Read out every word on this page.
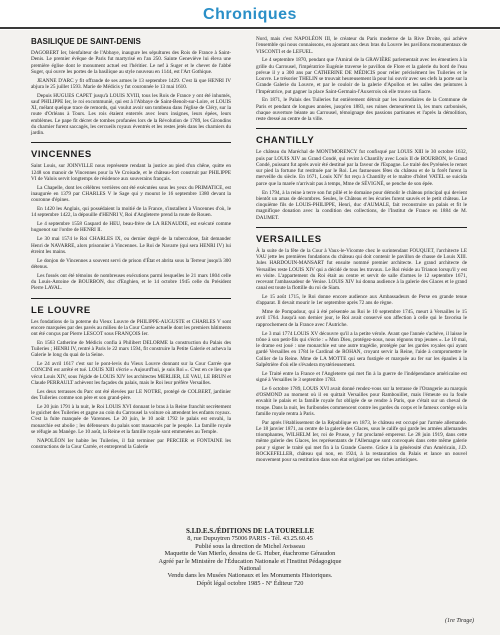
Chroniques
BASILIQUE DE SAINT-DENIS

DAGOBERT Ier, bienfaiteur de l'Abbaye, inaugure les sépultures des Rois de France à Saint-Denis. Le premier évêque de Paris fut martyrisé en l'an 250. Sainte Geneviève lui éleva une première église dont le monument actuel est l'héritier. Le nef à Suger et le chevet de l'abbé Suger, qui ouvre les portes de la basilique au style nouveau en 1144, est l'Art Gothique.

JEANNE D'ARC y fit offrande de ses armes le 13 septembre 1429. C'est là que HENRI IV abjura le 25 juillet 1593. Marie de Médicis y fut couronnée le 13 mai 1610.

Depuis HUGUES CAPET jusqu'à LOUIS XVIII, tous les Rois de France y ont été inhumés, sauf PHILIPPE Ier, le roi excommunié, qui est à l'Abbaye de Saint-Benoît-sur-Loire, et LOUIS XI, mélant quelque trace de remords, qui voulut avoir son tombeau dans l'église de Cléry, sur la route d'Orléans à Tours. Les rois étaient enterrés avec leurs insignes, leurs épées, leurs emblèmes. Le pape fit décret de tombes profanées lors de la Révolution de 1789, les Girondins du charnier furent saccagés, les cercueils royaux éventrés et les restes jetés dans les charniers du jardin.

VINCENNES

Saint Louis, sur JOINVILLE nous représente rendant la justice au pied d'un chêne, quitte en 1248 son manoir de Vincennes pour la Ve Croisade, et le château-fort construit par PHILIPPE VI de Valois servit longtemps de résidence aux souverains français.

La Chapelle, dont les célèbres verrières ont été exécutées sous les yeux du PRIMATICE, est inaugurée en 1379 par CHARLES V le Sage qui y mourut le 16 septembre 1380 devant la couronne d'épines.

En 1420 les Anglais, qui possédaient la moitié de la France, s'installent à Vincennes d'où, le 14 septembre 1422, la dépouille d'HENRI V, Roi d'Angleterre prend la route de Rouen.

Le 4 septembre 1558 Gaspard de HEU, beau-frère de LA RENAUDIE, est exécuté comme huguenot sur l'ordre de HENRI II.

Le 30 mai 1574 le Roi CHARLES IX, ou dernier degré de la tuberculose, fait demander Henri de NAVARRE, alors prisonnier à Vincennes. Le Roi de Navarre (qui sera HENRI IV) lui étreint les mains.

Le donjon de Vincennes a souvent servi de prison d'État et abrita sous la Terreur jusqu'à 300 détenus.

Les fossés ont été témoins de nombreuses exécutions parmi lesquelles le 21 mars 1804 celle du Louis-Antoine de BOURBON, duc d'Enghien, et le 14 octobre 1945 celle du Président Pierre LAVAL.

LE LOUVRE

Les fondations de la poterne du Vieux Louvre de PHILIPPE-AUGUSTE et CHARLES V sont encore marquées par des pavés au milieu de la Cour Carrée actuelle dont les premiers bâtiments ont été conçus par Pierre LESCOT sous FRANÇOIS Ier.

En 1563 Catherine de Médicis confia à Philibert DELORME la construction du Palais des Tuileries ; HENRI IV, rentré à Paris le 22 mars 1594, fit construire la Petite Galerie et acheva la Galerie le long du quai de la Seine.

Le 24 avril 1617 c'est sur le pont-levis du Vieux Louvre donnant sur la Cour Carrée que CONCINI est arrêté et tué. LOUIS XIII s'écrie « Aujourd'hui, je suis Roi ». C'est en ce lieu que vécut Louis XIV, sous l'égide de LOUIS XIV les architectes MERLIER, LE VAU, LE BRUN et Claude PERRAULT achèvent les façades du palais, mais le Roi leur préfère Versailles.

Les deux terrasses du Parc ont été élevées par LE NOTRE, protégé de COLBERT, jardinier des Tuileries comme son père et son grand-père.

Le 20 juin 1791 à la nuit, le Roi LOUIS XVI donnant le bras à la Reine franchit secrètement le guichet des Tuileries et gagne au coin du Carrousel la voiture où attendent les enfants royaux. C'est la fuite manquée de Varennes. Le 20 juin, le 10 août 1792 le palais est envahi, la monarchie est abolie ; les défenseurs du palais sont massacrés par le peuple. La famille royale se réfugie au Manège. Le 10 août, la Reine et la famille royale sont emmenées au Temple.

NAPOLÉON Ier habite les Tuileries, il fait terminer par PERCIER et FONTAINE les constructions de la Cour Carrée, et entreprend la Galerie

Nord, mais c'est NAPOLÉON III, le créateur du Paris moderne de la Rive Droite, qui achève l'ensemble qui nous connaissons, en ajoutant aux deux bras du Louvre les pavillons monumentaux de VISCONTI et de LEFUEL.

Le 4 septembre 1870, pendant que l'Amiral de la GRAVIÈRE parlementait avec les émeutiers à la grille du Carrousel, l'impératrice Eugénie traverse le pavillon de Flore et la galerie du bord de l'eau prévue il y a 300 ans par CATHERINE DE MÉDICIS pour relier précisément les Tuileries et le Louvre. Le trésorier THELIN se trouvait heureusement là pour lui ouvrir avec ses clefs la porte sur la Grande Galerie du Louvre, et par le couloir de la galerie d'Apollon et les salles des peintures à l'Impératrice, put gagner la place Saint-Germain-l'Auxerrois où elle trouve un fiacre.

En 1871, le Palais des Tuileries fut entièrement détruit par les incendiaires de la Commune de Paris et pendant de longues années, jusqu'en 1883, ses ruines demeurèrent là, les murs carbonisés, chaque ouverture béante au Carrousel, témoignage des passions partisanes et l'après la démolition, reste dressé au centre de la ville.

CHANTILLY

Le château du Maréchal de MONTMORENCY fut confisqué par LOUIS XIII le 30 octobre 1632, puis par LOUIS XIV au Grand Condé, qui revint à Chantilly avec Louis II de BOURBON, le Grand Condé, puissant fut après avoir été destitué par la faveur de l'Espagne. Le traité des Pyrénées le remet sur pied la fortune fut restituée par le Roi. Les fastueuses fêtes du château et de la forêt furent la merveille du siècle. En 1671, Louis XIV fut reçu à Chantilly et le maître d'hôtel VATEL se suicida parce que la marée n'arrivait pas à temps, Mme de SÉVIGNÉ, se penche de son épée.

En 1794, à la reine à terre son fut pillé et le domaine pour démolir le château principal qui devient bientôt un amas de décombres. Seules, le Château et les écuries furent sauvés et le petit château. Le cinquième fils de LOUIS-PHILIPPE, Henri, duc d'AUMALE, fait reconstruire un palais et fit le magnifique donation avec la condition des collections, de l'Institut de France en 1884 de M. DAUMET.

VERSAILLES

À la suite de la fête de la Cour à Vaux-le-Vicomte chez le surintendant FOUQUET, l'architecte LE VAU jette les premières fondations du château qui doit contenir le pavillon de chasse de Louis XIII. Jules HARDOUIN-MANSART fut ensuite nommé premier architecte. Le grand architecte de Versailles reste LOUIS XIV qui a décidé de tous les travaux. Le Roi réside au Trianon lorsqu'il y est en visite. L'appartement du Roi était au centre et servit de salle d'armes le 12 septembre 1671, recevant l'ambassadeur de Venise. LOUIS XIV lui donna audience à la galerie des Glaces et le grand canal est toute la flottille du roi de Siam.

Le 15 août 1715, le Roi donne encore audience aux Ambassadeurs de Perse en grande tenue d'apparat. Il devait mourir le 1er septembre après 72 ans de règne.

Mme de Pompadour, qui à été présentée au Roi le 10 septembre 1745, meurt à Versailles le 15 avril 1764. Jusqu'à son dernier jour, le Roi avait conservé son affection à celle qui le favorisa le rapprochement de la France avec l'Autriche.

Le 3 mai 1774 LOUIS XV découvre qu'il a la petite vérole. Avant que l'année s'achève, il laisse le trône à son petit-fils qui s'écrie : « Mon Dieu, protégez-nous, nous régnons trop jeunes ». Le 10 mai, le drame est joué : une monarchie est une autre tragédie, protégée par les gardes royales qui ayant gardé Versailles en 1784 le Cardinal de ROHAN, croyant servir la Reine, l'aide à compromettre le Collier de la Reine. Mme de LA MOTTE qui sera fustigée et marquée au fer sur les épaules à la Salpêtrière d'où elle s'évadera mystérieusement.

Le Traité entre la France et l'Angleterre qui met fin à la guerre de l'indépendance américaine est signé à Versailles le 3 septembre 1783.

Le 6 octobre 1789, LOUIS XVI avait donné rendez-vous sur la terrasse de l'Orangerie au marquis d'OSMOND au moment où il en quittait Versailles pour Rambouillet, mais l'émeute ou la foule envahit le palais et la famille royale fut obligée de se rendre à Paris, que c'était sur un cheval de troupe. Dans la nuit, les furibondes commencent contre les gardes du corps et le fameux cortège où la famille royale rentra à Paris.

Par après l'établissement de la République en 1873, le château est occupé par l'armée allemande. Le 18 janvier 1871, au centre de la galerie des Glaces, sous le calife qui garde les armées allemandes triomphantes, WILHELM Ier, roi de Prusse, y fut proclamé empereur. Le 28 juin 1919, dans cette même galerie des Glaces, les représentants de l'Allemagne sont convoqués dans cette même galerie pour y signer le traité qui met fin à la Grande Guerre. Grâce à la générosité d'un Américain, J.D. ROCKEFELLER, château qui non, en 1924, à la restauration du Palais et lance un nouvel mouvement pour sa restitution dans son état originel par ses riches artistiques.

S.I.D.E.S./ÉDITIONS DE LA TOURELLE
8, rue Dupuytren 75006 PARIS - Tél. 43.25.60.45
Publié sous la direction de Michel Avisseau
Maquette de Van Mierlo, dessins de G. Huber, étachrome Géraudon
Agréé par le Ministère de l'Éducation Nationale et l'Institut Pédagogique National
Vendu dans les Musées Nationaux et les Monuments Historiques.
Dépôt légal octobre 1985 - Nº Éditeur 720
(1re Tirage)
